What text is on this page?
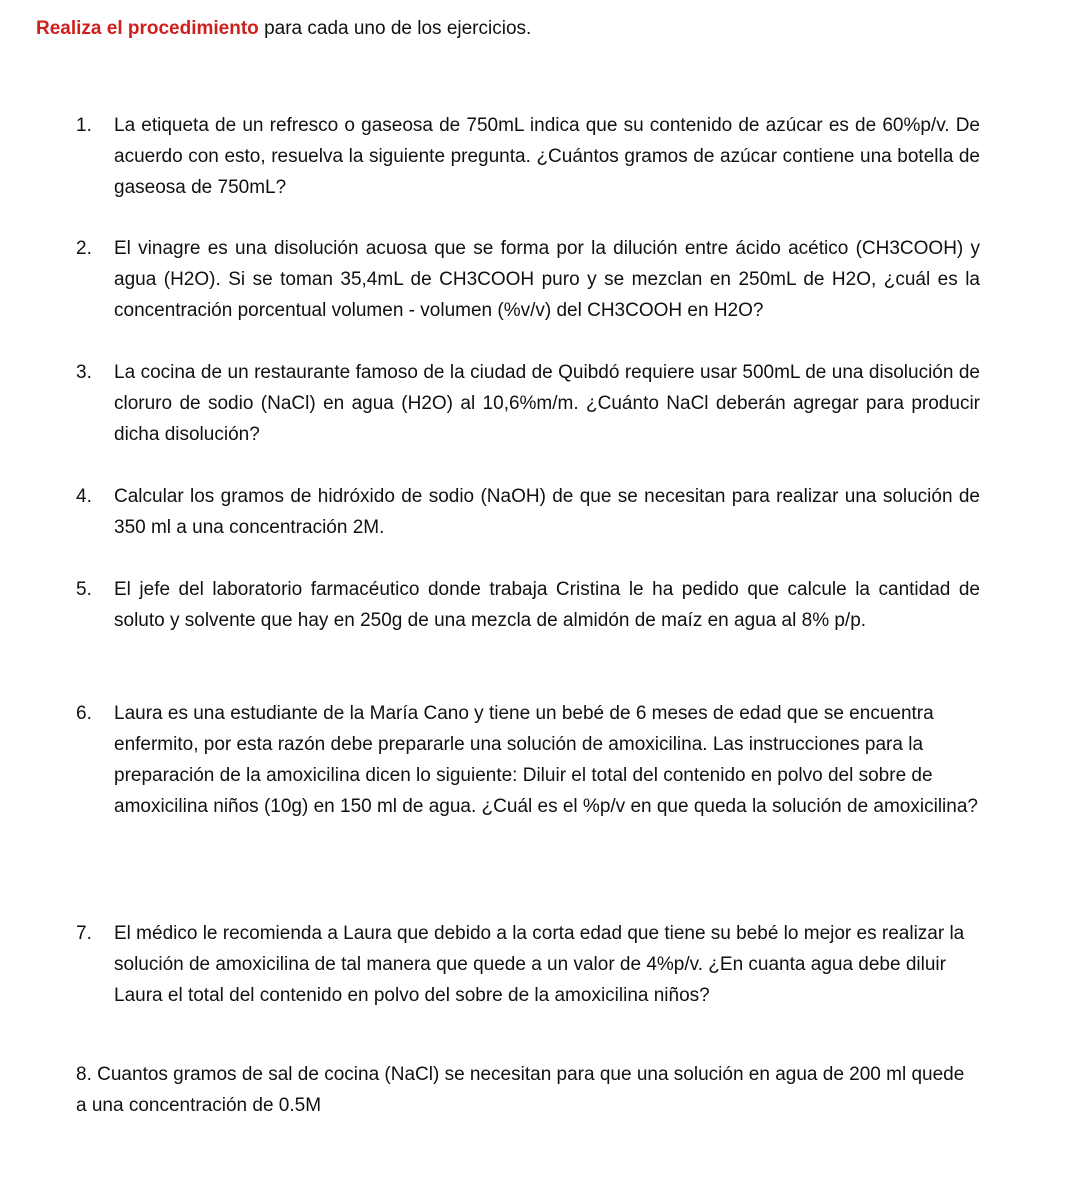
Realiza el procedimiento para cada uno de los ejercicios.
1. La etiqueta de un refresco o gaseosa de 750mL indica que su contenido de azúcar es de 60%p/v. De acuerdo con esto, resuelva la siguiente pregunta. ¿Cuántos gramos de azúcar contiene una botella de gaseosa de 750mL?
2. El vinagre es una disolución acuosa que se forma por la dilución entre ácido acético (CH3COOH) y agua (H2O). Si se toman 35,4mL de CH3COOH puro y se mezclan en 250mL de H2O, ¿cuál es la concentración porcentual volumen - volumen (%v/v) del CH3COOH en H2O?
3. La cocina de un restaurante famoso de la ciudad de Quibdó requiere usar 500mL de una disolución de cloruro de sodio (NaCl) en agua (H2O) al 10,6%m/m. ¿Cuánto NaCl deberán agregar para producir dicha disolución?
4. Calcular los gramos de hidróxido de sodio (NaOH) de que se necesitan para realizar una solución de 350 ml a una concentración 2M.
5. El jefe del laboratorio farmacéutico donde trabaja Cristina le ha pedido que calcule la cantidad de soluto y solvente que hay en 250g de una mezcla de almidón de maíz en agua al 8% p/p.
6. Laura es una estudiante de la María Cano y tiene un bebé de 6 meses de edad que se encuentra enfermito, por esta razón debe prepararle una solución de amoxicilina. Las instrucciones para la preparación de la amoxicilina dicen lo siguiente: Diluir el total del contenido en polvo del sobre de amoxicilina niños (10g) en 150 ml de agua. ¿Cuál es el %p/v en que queda la solución de amoxicilina?
7. El médico le recomienda a Laura que debido a la corta edad que tiene su bebé lo mejor es realizar la solución de amoxicilina de tal manera que quede a un valor de 4%p/v. ¿En cuanta agua debe diluir Laura el total del contenido en polvo del sobre de la amoxicilina niños?
8. Cuantos gramos de sal de cocina (NaCl) se necesitan para que una solución en agua de 200 ml quede a una concentración de 0.5M
